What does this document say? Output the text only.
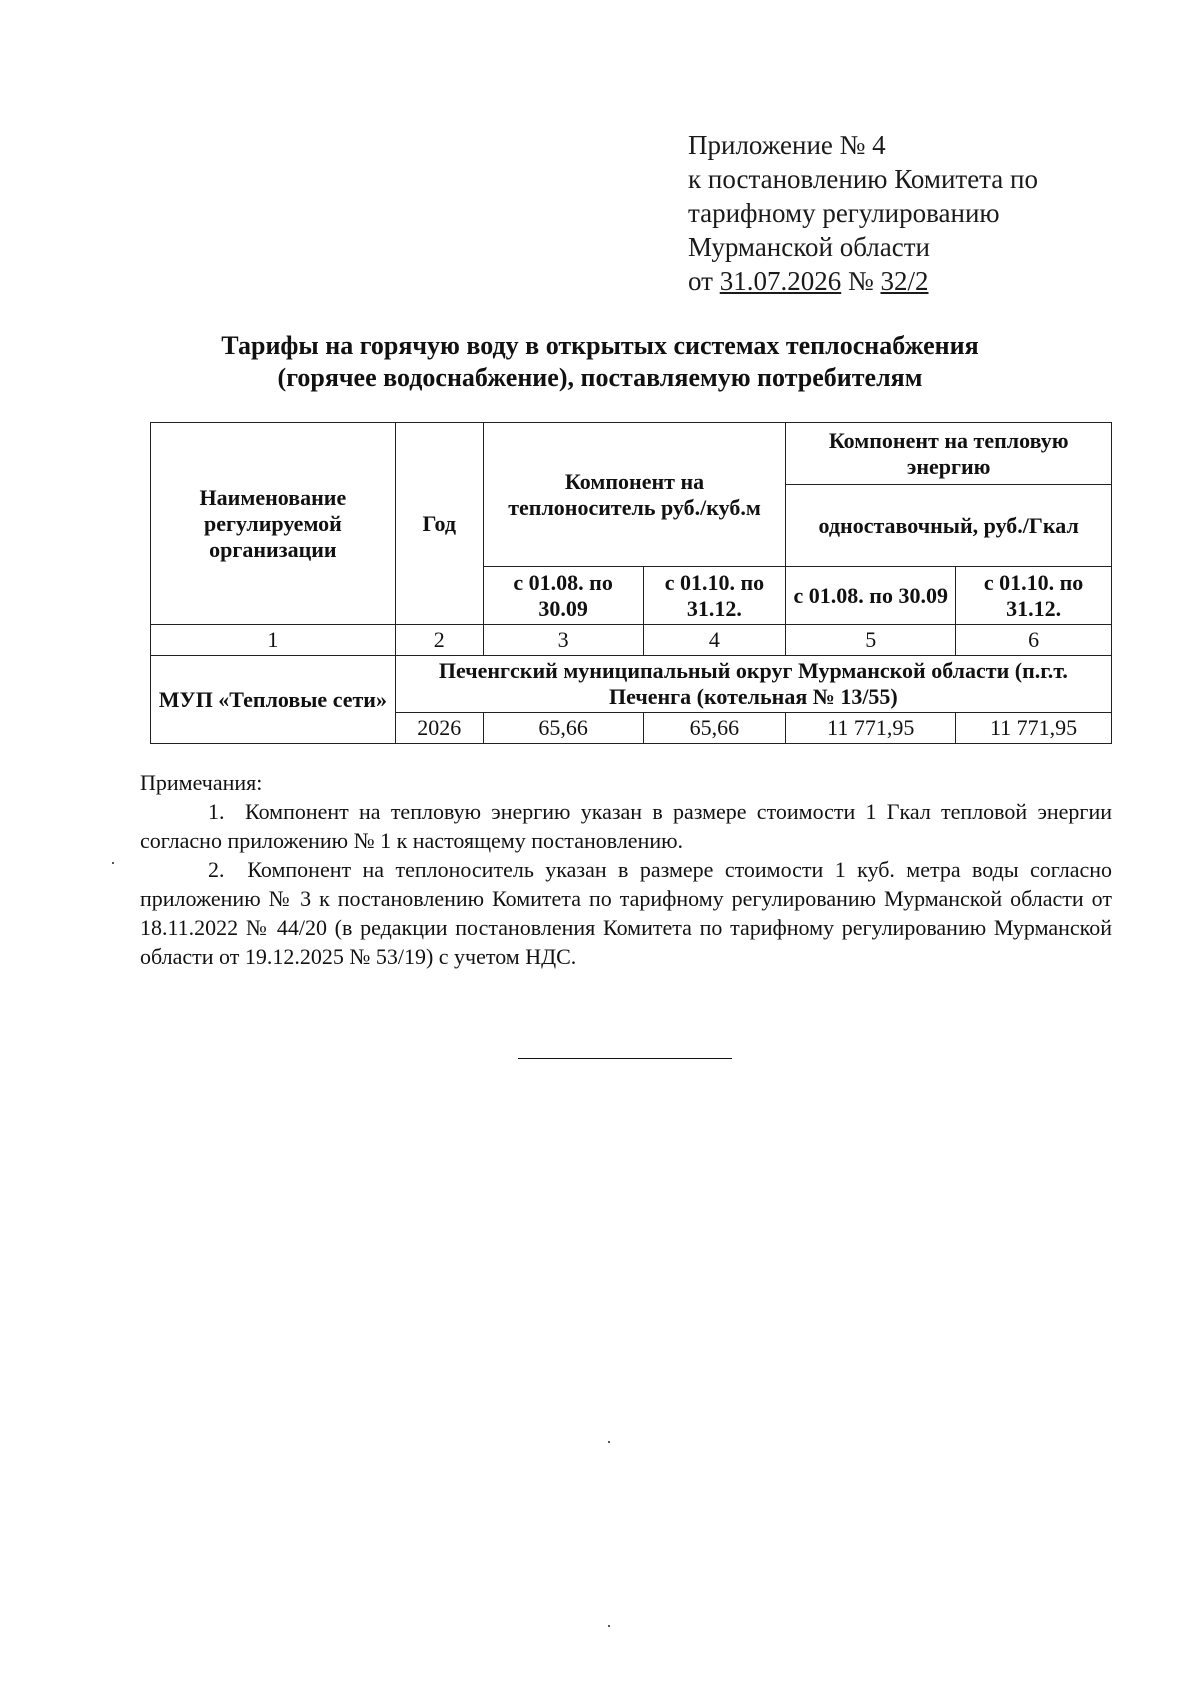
Приложение № 4
к постановлению Комитета по
тарифному регулированию
Мурманской области
от 31.07.2026 № 32/2
Тарифы на горячую воду в открытых системах теплоснабжения
(горячее водоснабжение), поставляемую потребителям
Наименование регулируемой организации	Год	Компонент на теплоноситель руб./куб.м		Компонент на тепловую энергию	
				одноставочный, руб./Гкал	
		с 01.08. по 30.09	с 01.10. по 31.12.	с 01.08. по 30.09	с 01.10. по 31.12.
1	2	3	4	5	6
МУП «Тепловые сети»	Печенгский муниципальный округ Мурманской области (п.г.т. Печенга (котельная № 13/55)				
	2026	65,66	65,66	11 771,95	11 771,95

Примечания:

1. Компонент на тепловую энергию указан в размере стоимости 1 Гкал тепловой энергии согласно приложению № 1 к настоящему постановлению.

2. Компонент на теплоноситель указан в размере стоимости 1 куб. метра воды согласно приложению № 3 к постановлению Комитета по тарифному регулированию Мурманской области от 18.11.2022 № 44/20 (в редакции постановления Комитета по тарифному регулированию Мурманской области от 19.12.2025 № 53/19) с учетом НДС.
